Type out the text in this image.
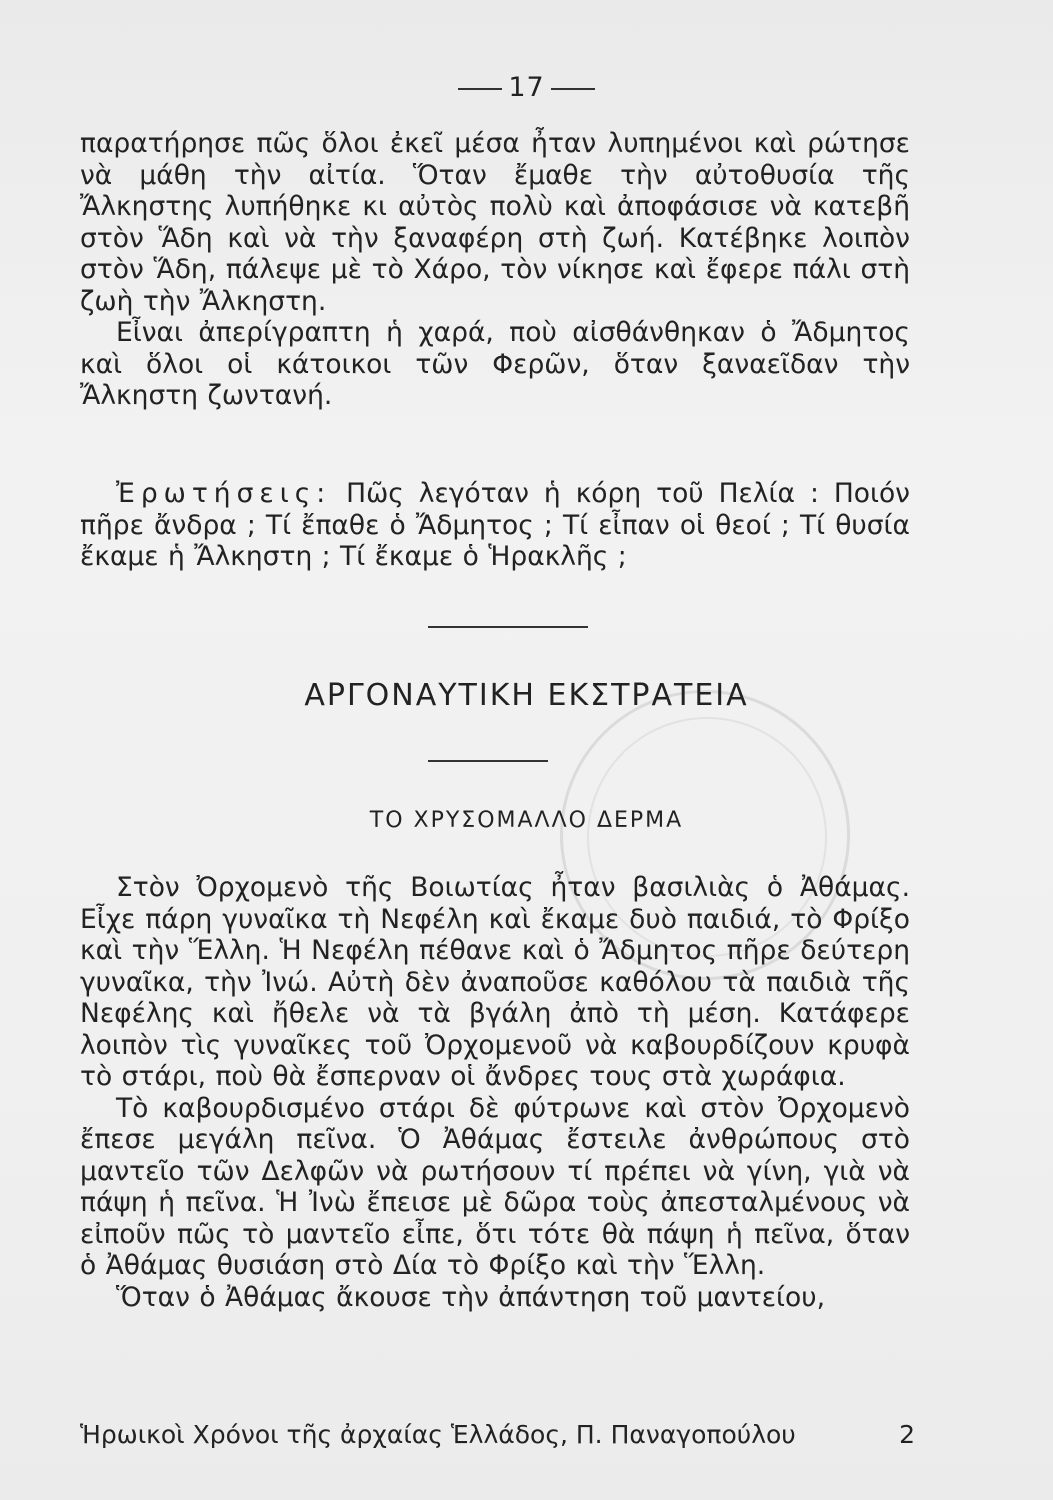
17

παρατήρησε πῶς ὅλοι ἐκεῖ μέσα ἦταν λυπημένοι καὶ ρώτησε νὰ μάθη τὴν αἰτία. Ὅταν ἔμαθε τὴν αὐτοθυσία τῆς Ἄλκηστης λυπήθηκε κι αὐτὸς πολὺ καὶ ἀποφάσισε νὰ κατεβῆ στὸν Ἅδη καὶ νὰ τὴν ξαναφέρη στὴ ζωή. Κατέβηκε λοιπὸν στὸν Ἅδη, πάλεψε μὲ τὸ Χάρο, τὸν νίκησε καὶ ἔφερε πάλι στὴ ζωὴ τὴν Ἄλκηστη.

Εἶναι ἀπερίγραπτη ἡ χαρά, ποὺ αἰσθάνθηκαν ὁ Ἄδμητος καὶ ὅλοι οἱ κάτοικοι τῶν Φερῶν, ὅταν ξαναεῖδαν τὴν Ἄλκηστη ζωντανή.

Ἐρωτήσεις: Πῶς λεγόταν ἡ κόρη τοῦ Πελία : Ποιόν πῆρε ἄνδρα ; Τί ἔπαθε ὁ Ἄδμητος ; Τί εἶπαν οἱ θεοί ; Τί θυσία ἔκαμε ἡ Ἄλκηστη ; Τί ἔκαμε ὁ Ἡρακλῆς ;

ΑΡΓΟΝΑΥΤΙΚΗ ΕΚΣΤΡΑΤΕΙΑ
ΤΟ ΧΡΥΣΟΜΑΛΛΟ ΔΕΡΜΑ

Στὸν Ὀρχομενὸ τῆς Βοιωτίας ἦταν βασιλιὰς ὁ Ἀθάμας. Εἶχε πάρη γυναῖκα τὴ Νεφέλη καὶ ἔκαμε δυὸ παιδιά, τὸ Φρίξο καὶ τὴν Ἕλλη. Ἡ Νεφέλη πέθανε καὶ ὁ Ἄδμητος πῆρε δεύτερη γυναῖκα, τὴν Ἰνώ. Αὐτὴ δὲν ἀναποῦσε καθόλου τὰ παιδιὰ τῆς Νεφέλης καὶ ἤθελε νὰ τὰ βγάλη ἀπὸ τὴ μέση. Κατάφερε λοιπὸν τὶς γυναῖκες τοῦ Ὀρχομενοῦ νὰ καβουρδίζουν κρυφὰ τὸ στάρι, ποὺ θὰ ἔσπερναν οἱ ἄνδρες τους στὰ χωράφια.

Τὸ καβουρδισμένο στάρι δὲ φύτρωνε καὶ στὸν Ὀρχομενὸ ἔπεσε μεγάλη πεῖνα. Ὁ Ἀθάμας ἔστειλε ἀνθρώπους στὸ μαντεῖο τῶν Δελφῶν νὰ ρωτήσουν τί πρέπει νὰ γίνη, γιὰ νὰ πάψη ἡ πεῖνα. Ἡ Ἰνὼ ἔπεισε μὲ δῶρα τοὺς ἀπεσταλμένους νὰ εἰποῦν πῶς τὸ μαντεῖο εἶπε, ὅτι τότε θὰ πάψη ἡ πεῖνα, ὅταν ὁ Ἀθάμας θυσιάση στὸ Δία τὸ Φρίξο καὶ τὴν Ἕλλη.

Ὅταν ὁ Ἀθάμας ἄκουσε τὴν ἀπάντηση τοῦ μαντείου,

Ἡρωικοὶ Χρόνοι τῆς ἀρχαίας Ἑλλάδος, Π. Παναγοπούλου	2
